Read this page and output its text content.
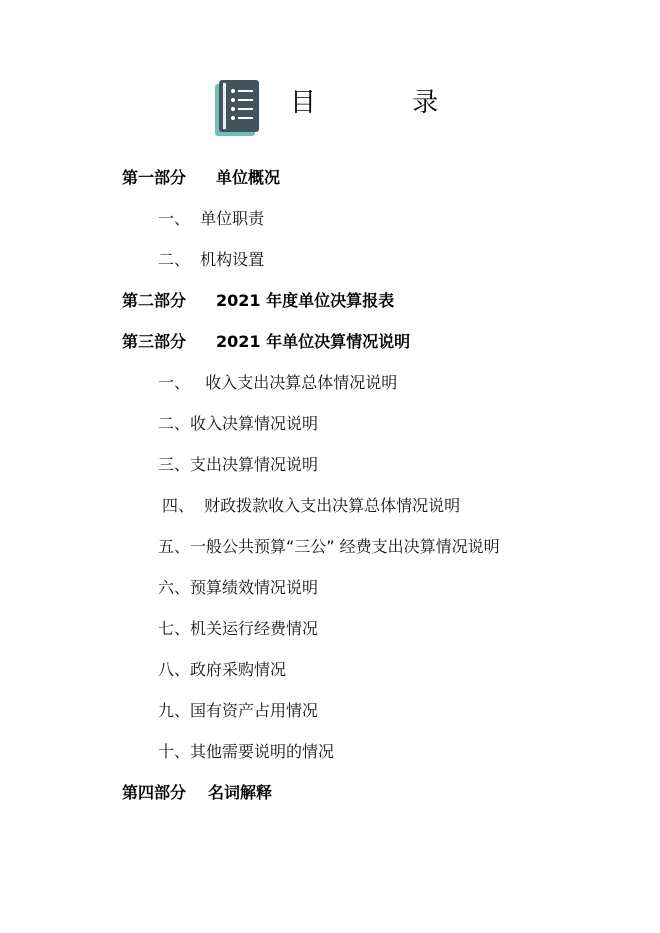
目 录
第一部分 单位概况
一、  单位职责
二、  机构设置
第二部分 2021 年度单位决算报表
第三部分 2021 年单位决算情况说明
一、   收入支出决算总体情况说明
二、收入决算情况说明
三、支出决算情况说明
四、  财政拨款收入支出决算总体情况说明
五、一般公共预算“三公” 经费支出决算情况说明
六、预算绩效情况说明
七、机关运行经费情况
八、政府采购情况
九、国有资产占用情况
十、其他需要说明的情况
第四部分 名词解释
